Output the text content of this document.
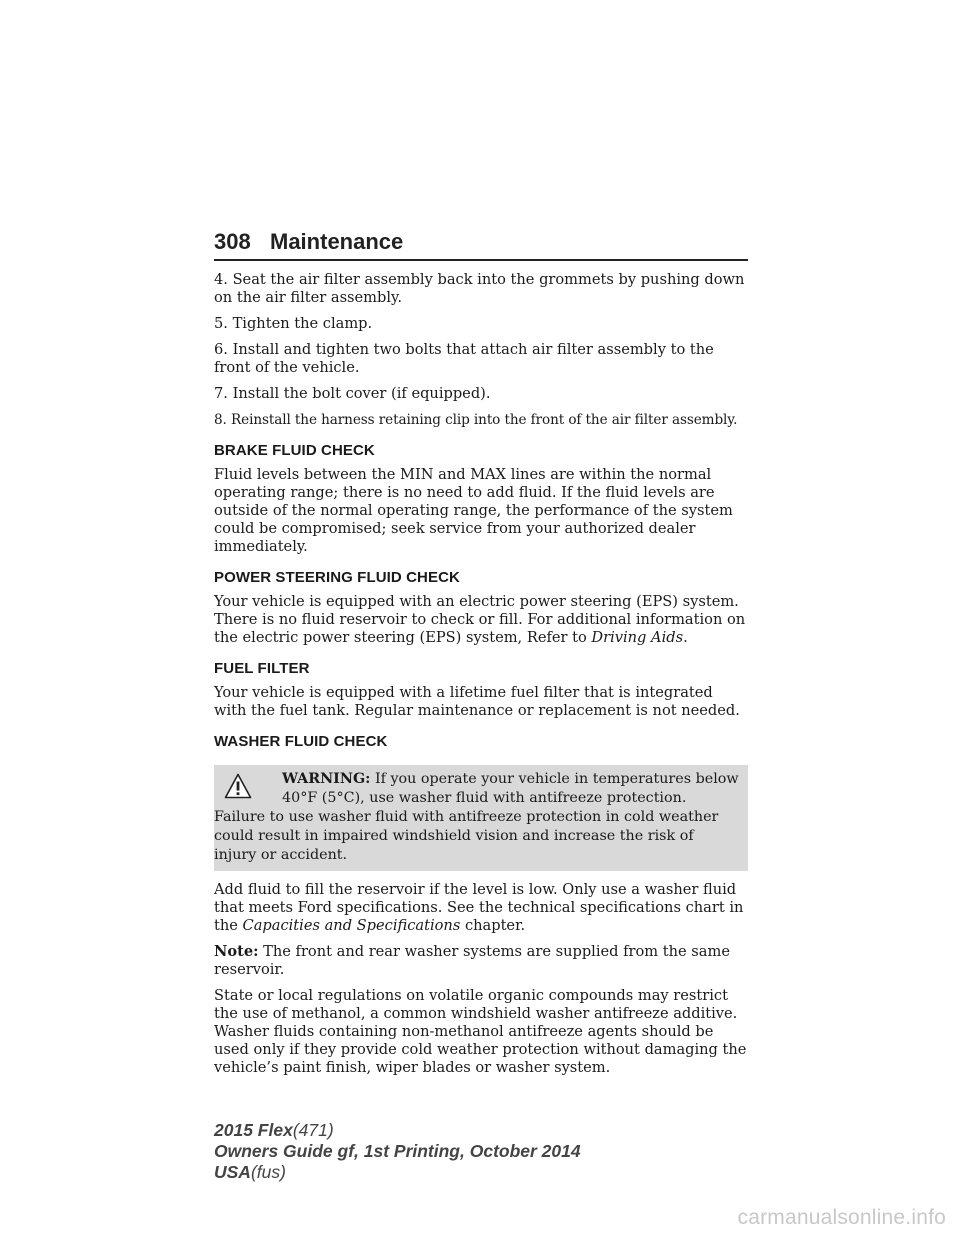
308 Maintenance

4. Seat the air filter assembly back into the grommets by pushing down on the air filter assembly.

5. Tighten the clamp.

6. Install and tighten two bolts that attach air filter assembly to the front of the vehicle.

7. Install the bolt cover (if equipped).

8. Reinstall the harness retaining clip into the front of the air filter assembly.

BRAKE FLUID CHECK

Fluid levels between the MIN and MAX lines are within the normal operating range; there is no need to add fluid. If the fluid levels are outside of the normal operating range, the performance of the system could be compromised; seek service from your authorized dealer immediately.

POWER STEERING FLUID CHECK

Your vehicle is equipped with an electric power steering (EPS) system. There is no fluid reservoir to check or fill. For additional information on the electric power steering (EPS) system, Refer to Driving Aids.

FUEL FILTER

Your vehicle is equipped with a lifetime fuel filter that is integrated with the fuel tank. Regular maintenance or replacement is not needed.

WASHER FLUID CHECK
WARNING: If you operate your vehicle in temperatures below 40°F (5°C), use washer fluid with antifreeze protection. Failure to use washer fluid with antifreeze protection in cold weather could result in impaired windshield vision and increase the risk of injury or accident.

Add fluid to fill the reservoir if the level is low. Only use a washer fluid that meets Ford specifications. See the technical specifications chart in the Capacities and Specifications chapter.

Note: The front and rear washer systems are supplied from the same reservoir.

State or local regulations on volatile organic compounds may restrict the use of methanol, a common windshield washer antifreeze additive. Washer fluids containing non-methanol antifreeze agents should be used only if they provide cold weather protection without damaging the vehicle’s paint finish, wiper blades or washer system.

2015 Flex(471)
Owners Guide gf, 1st Printing, October 2014
USA(fus)
carmanualsonline.info
